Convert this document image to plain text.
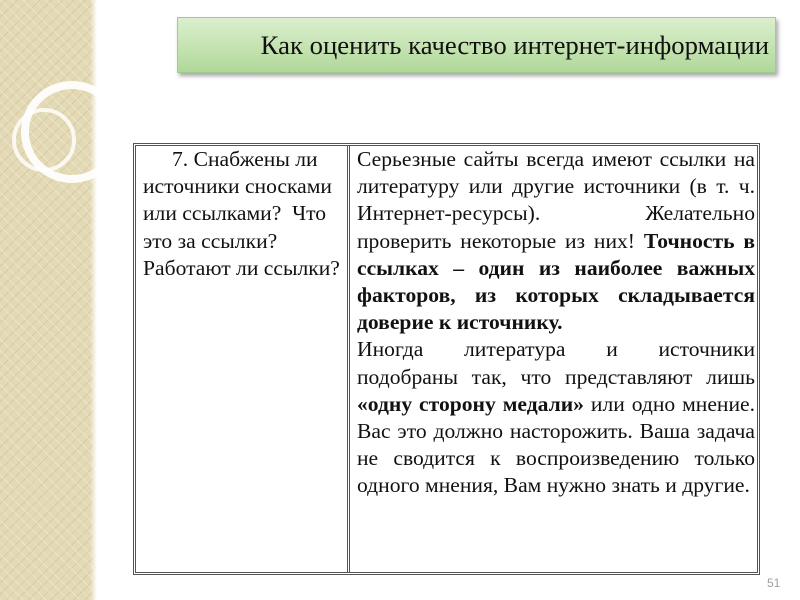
Как оценить качество интернет-информации

7. Снабжены ли источники сносками или ссылками?  Что это за ссылки? Работают ли ссылки?

Серьезные сайты всегда имеют ссылки на литературу или другие источники (в т. ч. Интернет-ресурсы). Желательно проверить некоторые из них! Точность в ссылках – один из наиболее важных факторов, из которых складывается доверие к источнику.

Иногда литература и источники подобраны так, что представляют лишь «одну сторону медали» или одно мнение. Вас это должно насторожить. Ваша задача не сводится к воспроизведению только одного мнения, Вам нужно знать и другие.

51
